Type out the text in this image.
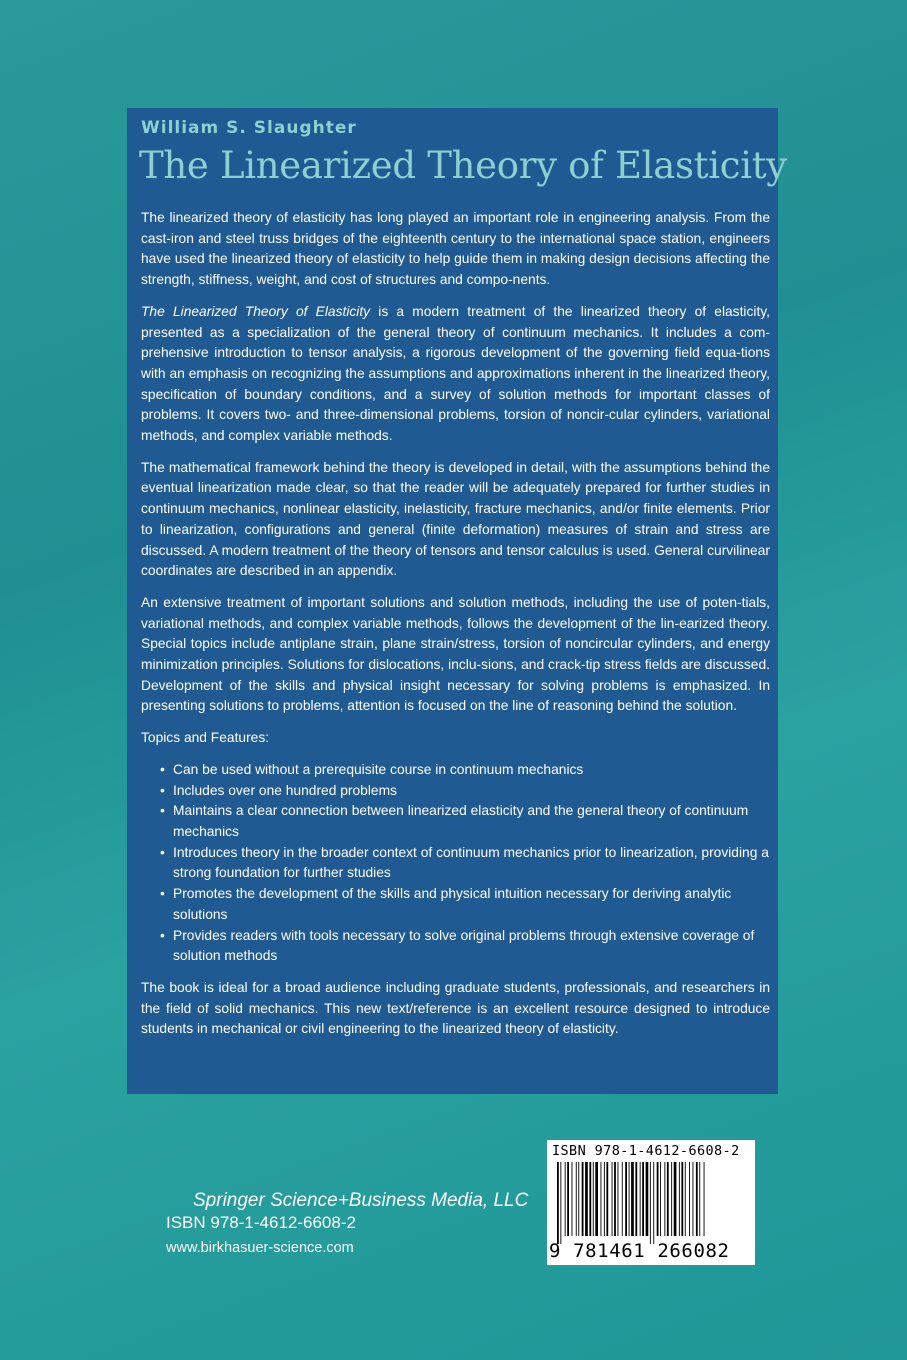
William S. Slaughter
The Linearized Theory of Elasticity

The linearized theory of elasticity has long played an important role in engineering analysis. From the cast-iron and steel truss bridges of the eighteenth century to the international space station, engineers have used the linearized theory of elasticity to help guide them in making design decisions affecting the strength, stiffness, weight, and cost of structures and compo-nents.

The Linearized Theory of Elasticity is a modern treatment of the linearized theory of elasticity, presented as a specialization of the general theory of continuum mechanics. It includes a com-prehensive introduction to tensor analysis, a rigorous development of the governing field equa-tions with an emphasis on recognizing the assumptions and approximations inherent in the linearized theory, specification of boundary conditions, and a survey of solution methods for important classes of problems. It covers two- and three-dimensional problems, torsion of noncir-cular cylinders, variational methods, and complex variable methods.

The mathematical framework behind the theory is developed in detail, with the assumptions behind the eventual linearization made clear, so that the reader will be adequately prepared for further studies in continuum mechanics, nonlinear elasticity, inelasticity, fracture mechanics, and/or finite elements. Prior to linearization, configurations and general (finite deformation) measures of strain and stress are discussed. A modern treatment of the theory of tensors and tensor calculus is used. General curvilinear coordinates are described in an appendix.

An extensive treatment of important solutions and solution methods, including the use of poten-tials, variational methods, and complex variable methods, follows the development of the lin-earized theory. Special topics include antiplane strain, plane strain/stress, torsion of noncircular cylinders, and energy minimization principles. Solutions for dislocations, inclu-sions, and crack-tip stress fields are discussed. Development of the skills and physical insight necessary for solving problems is emphasized. In presenting solutions to problems, attention is focused on the line of reasoning behind the solution.

Topics and Features:

• Can be used without a prerequisite course in continuum mechanics
• Includes over one hundred problems
• Maintains a clear connection between linearized elasticity and the general theory of continuum mechanics
• Introduces theory in the broader context of continuum mechanics prior to linearization, providing a strong foundation for further studies
• Promotes the development of the skills and physical intuition necessary for deriving analytic solutions
• Provides readers with tools necessary to solve original problems through extensive coverage of solution methods

The book is ideal for a broad audience including graduate students, professionals, and researchers in the field of solid mechanics. This new text/reference is an excellent resource designed to introduce students in mechanical or civil engineering to the linearized theory of elasticity.

Springer Science+Business Media, LLC
ISBN 978-1-4612-6608-2
www.birkhasuer-science.com
ISBN 978-1-4612-6608-2
9 781461 266082
